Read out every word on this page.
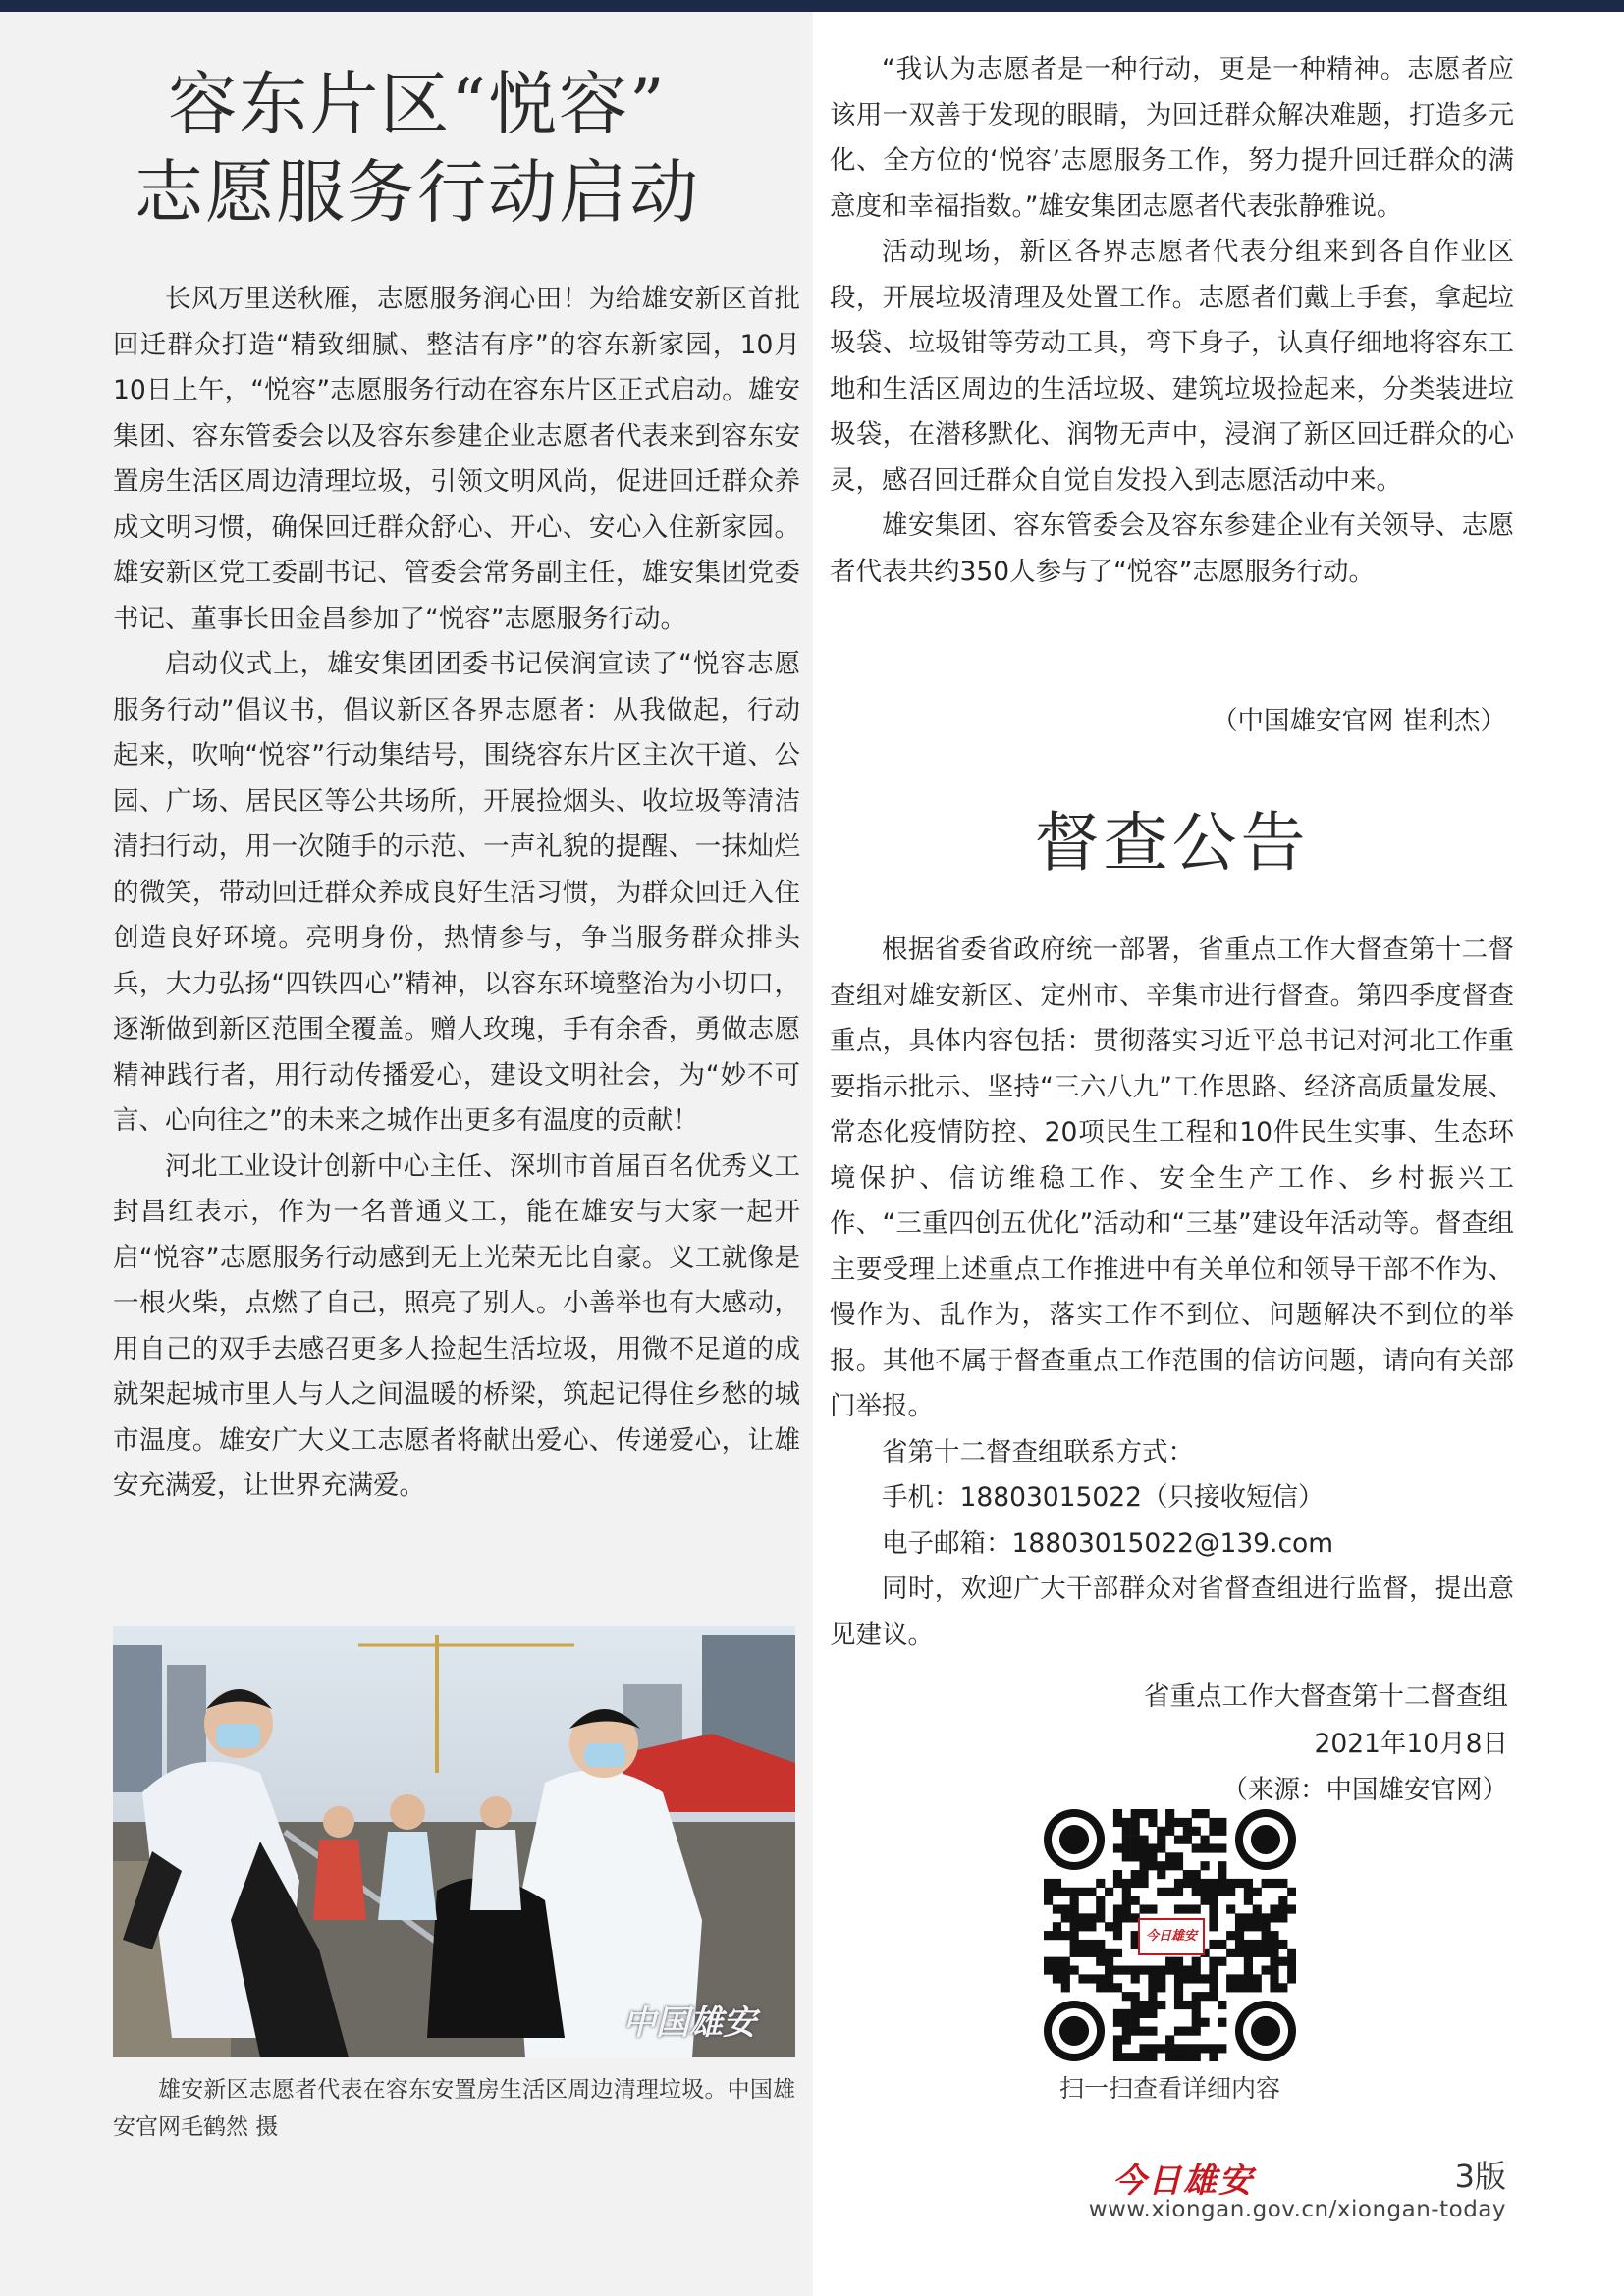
容东片区“悦容”
志愿服务行动启动

长风万里送秋雁，志愿服务润心田！为给雄安新区首批回迁群众打造“精致细腻、整洁有序”的容东新家园，10月10日上午，“悦容”志愿服务行动在容东片区正式启动。雄安集团、容东管委会以及容东参建企业志愿者代表来到容东安置房生活区周边清理垃圾，引领文明风尚，促进回迁群众养成文明习惯，确保回迁群众舒心、开心、安心入住新家园。雄安新区党工委副书记、管委会常务副主任，雄安集团党委书记、董事长田金昌参加了“悦容”志愿服务行动。

启动仪式上，雄安集团团委书记侯润宣读了“悦容志愿服务行动”倡议书，倡议新区各界志愿者：从我做起，行动起来，吹响“悦容”行动集结号，围绕容东片区主次干道、公园、广场、居民区等公共场所，开展捡烟头、收垃圾等清洁清扫行动，用一次随手的示范、一声礼貌的提醒、一抹灿烂的微笑，带动回迁群众养成良好生活习惯，为群众回迁入住创造良好环境。亮明身份，热情参与，争当服务群众排头兵，大力弘扬“四铁四心”精神，以容东环境整治为小切口，逐渐做到新区范围全覆盖。赠人玫瑰，手有余香，勇做志愿精神践行者，用行动传播爱心，建设文明社会，为“妙不可言、心向往之”的未来之城作出更多有温度的贡献！

河北工业设计创新中心主任、深圳市首届百名优秀义工封昌红表示，作为一名普通义工，能在雄安与大家一起开启“悦容”志愿服务行动感到无上光荣无比自豪。义工就像是一根火柴，点燃了自己，照亮了别人。小善举也有大感动，用自己的双手去感召更多人捡起生活垃圾，用微不足道的成就架起城市里人与人之间温暖的桥梁，筑起记得住乡愁的城市温度。雄安广大义工志愿者将献出爱心、传递爱心，让雄安充满爱，让世界充满爱。

中国雄安
雄安新区志愿者代表在容东安置房生活区周边清理垃圾。中国雄安官网毛鹤然 摄

“我认为志愿者是一种行动，更是一种精神。志愿者应该用一双善于发现的眼睛，为回迁群众解决难题，打造多元化、全方位的‘悦容’志愿服务工作，努力提升回迁群众的满意度和幸福指数。”雄安集团志愿者代表张静雅说。

活动现场，新区各界志愿者代表分组来到各自作业区段，开展垃圾清理及处置工作。志愿者们戴上手套，拿起垃圾袋、垃圾钳等劳动工具，弯下身子，认真仔细地将容东工地和生活区周边的生活垃圾、建筑垃圾捡起来，分类装进垃圾袋，在潜移默化、润物无声中，浸润了新区回迁群众的心灵，感召回迁群众自觉自发投入到志愿活动中来。

雄安集团、容东管委会及容东参建企业有关领导、志愿者代表共约350人参与了“悦容”志愿服务行动。

（中国雄安官网 崔利杰）
督查公告

根据省委省政府统一部署，省重点工作大督查第十二督查组对雄安新区、定州市、辛集市进行督查。第四季度督查重点，具体内容包括：贯彻落实习近平总书记对河北工作重要指示批示、坚持“三六八九”工作思路、经济高质量发展、常态化疫情防控、20项民生工程和10件民生实事、生态环境保护、信访维稳工作、安全生产工作、乡村振兴工作、“三重四创五优化”活动和“三基”建设年活动等。督查组主要受理上述重点工作推进中有关单位和领导干部不作为、慢作为、乱作为，落实工作不到位、问题解决不到位的举报。其他不属于督查重点工作范围的信访问题，请向有关部门举报。

省第十二督查组联系方式：

手机：18803015022（只接收短信）

电子邮箱：18803015022@139.com

同时，欢迎广大干部群众对省督查组进行监督，提出意见建议。

省重点工作大督查第十二督查组
2021年10月8日
（来源：中国雄安官网）
今日雄安
扫一扫查看详细内容
今日雄安	3版
www.xiongan.gov.cn/xiongan-today
